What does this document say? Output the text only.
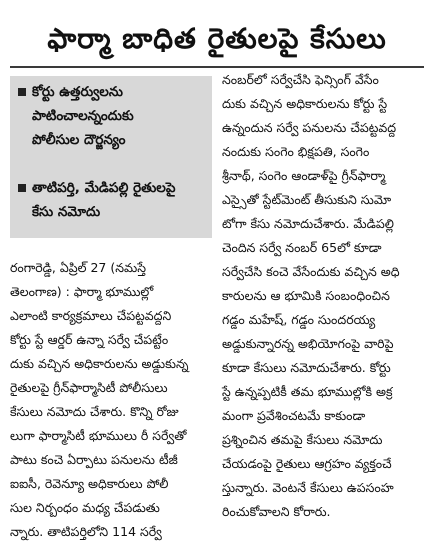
ఫార్మా బాధిత రైతులపై కేసులు
కోర్టు ఉత్తర్వులను
పాటించాలన్నందుకు
పోలీసుల దౌర్జన్యం
తాటిపర్తి, మేడిపల్లి రైతులపై
కేసు నమోదు
రంగారెడ్డి, ఏప్రిల్ 27 (నమస్తే
తెలంగాణ) : ఫార్మా భూముల్లో
ఎలాంటి కార్యక్రమాలు చేపట్టవద్దని
కోర్టు స్టే ఆర్డర్ ఉన్నా సర్వే చేపట్టేం
దుకు వచ్చిన అధికారులను అడ్డుకున్న
రైతులపై గ్రీన్‌ఫార్మాసిటీ పోలీసులు
కేసులు నమోదు చేశారు. కొన్ని రోజు
లుగా ఫార్మాసిటీ భూములు రీ సర్వేతో
పాటు కంచె ఏర్పాటు పనులను టీజీ
ఐఐసీ, రెవెన్యూ అధికారులు పోలీ
సుల నిర్బంధం మధ్య చేపడుతు
న్నారు. తాటిపర్తిలోని 114 సర్వే
నంబర్‌లో సర్వేచేసి ఫెన్సింగ్ వేసేం
దుకు వచ్చిన అధికారులను కోర్టు స్టే
ఉన్నందున సర్వే పనులను చేపట్టవద్ద
నందుకు సంగెం భిక్షపతి, సంగెం
శ్రీనాథ్, సంగెం ఆండాళ్‌పై గ్రీన్‌ఫార్మా
ఎస్సైతో స్టేట్‌మెంట్ తీసుకుని సుమో
టోగా కేసు నమోదుచేశారు. మేడిపల్లి
చెందిన సర్వే నంబర్ 65లో కూడా
సర్వేచేసి కంచె వేసేందుకు వచ్చిన అధి
కారులను ఆ భూమికి సంబంధించిన
గడ్డం మహేష్, గడ్డం సుందరయ్య
అడ్డుకున్నారన్న అభియోగంపై వారిపై
కూడా కేసులు నమోదుచేశారు. కోర్టు
స్టే ఉన్నప్పటికీ తమ భూముల్లోకి అక్ర
మంగా ప్రవేశించటమే కాకుండా
ప్రశ్నించిన తమపై కేసులు నమోదు
చేయడంపై రైతులు ఆగ్రహం వ్యక్తంచే
స్తున్నారు. వెంటనే కేసులు ఉపసంహ
రించుకోవాలని కోరారు.
